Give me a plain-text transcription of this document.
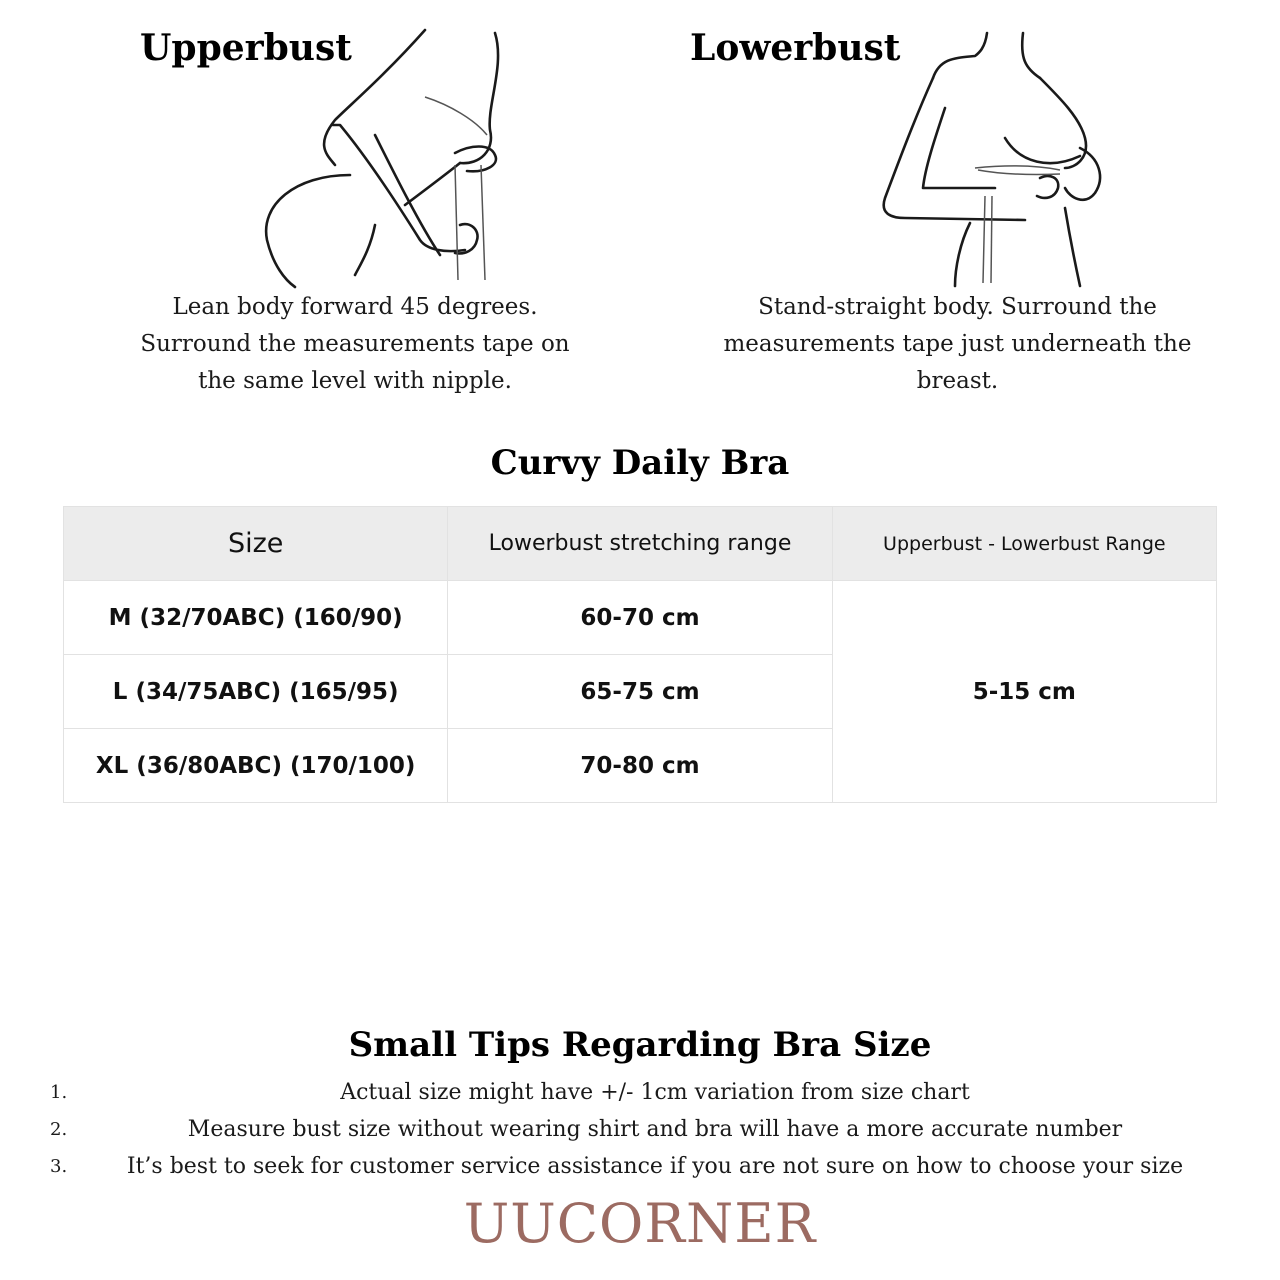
Upperbust
Lean body forward 45 degrees.
Surround the measurements tape on
the same level with nipple.
Lowerbust
Stand-straight body. Surround the
measurements tape just underneath the
breast.
Curvy Daily Bra
Size	Lowerbust stretching range	Upperbust - Lowerbust Range
M (32/70ABC) (160/90)	60-70 cm	5-15 cm
L (34/75ABC) (165/95)	65-75 cm	
XL (36/80ABC) (170/100)	70-80 cm	
Small Tips Regarding Bra Size
1.	Actual size might have +/- 1cm variation from size chart
2.	Measure bust size without wearing shirt and bra will have a more accurate number
3.	It’s best to seek for customer service assistance if you are not sure on how to choose your size
UUCORNER
